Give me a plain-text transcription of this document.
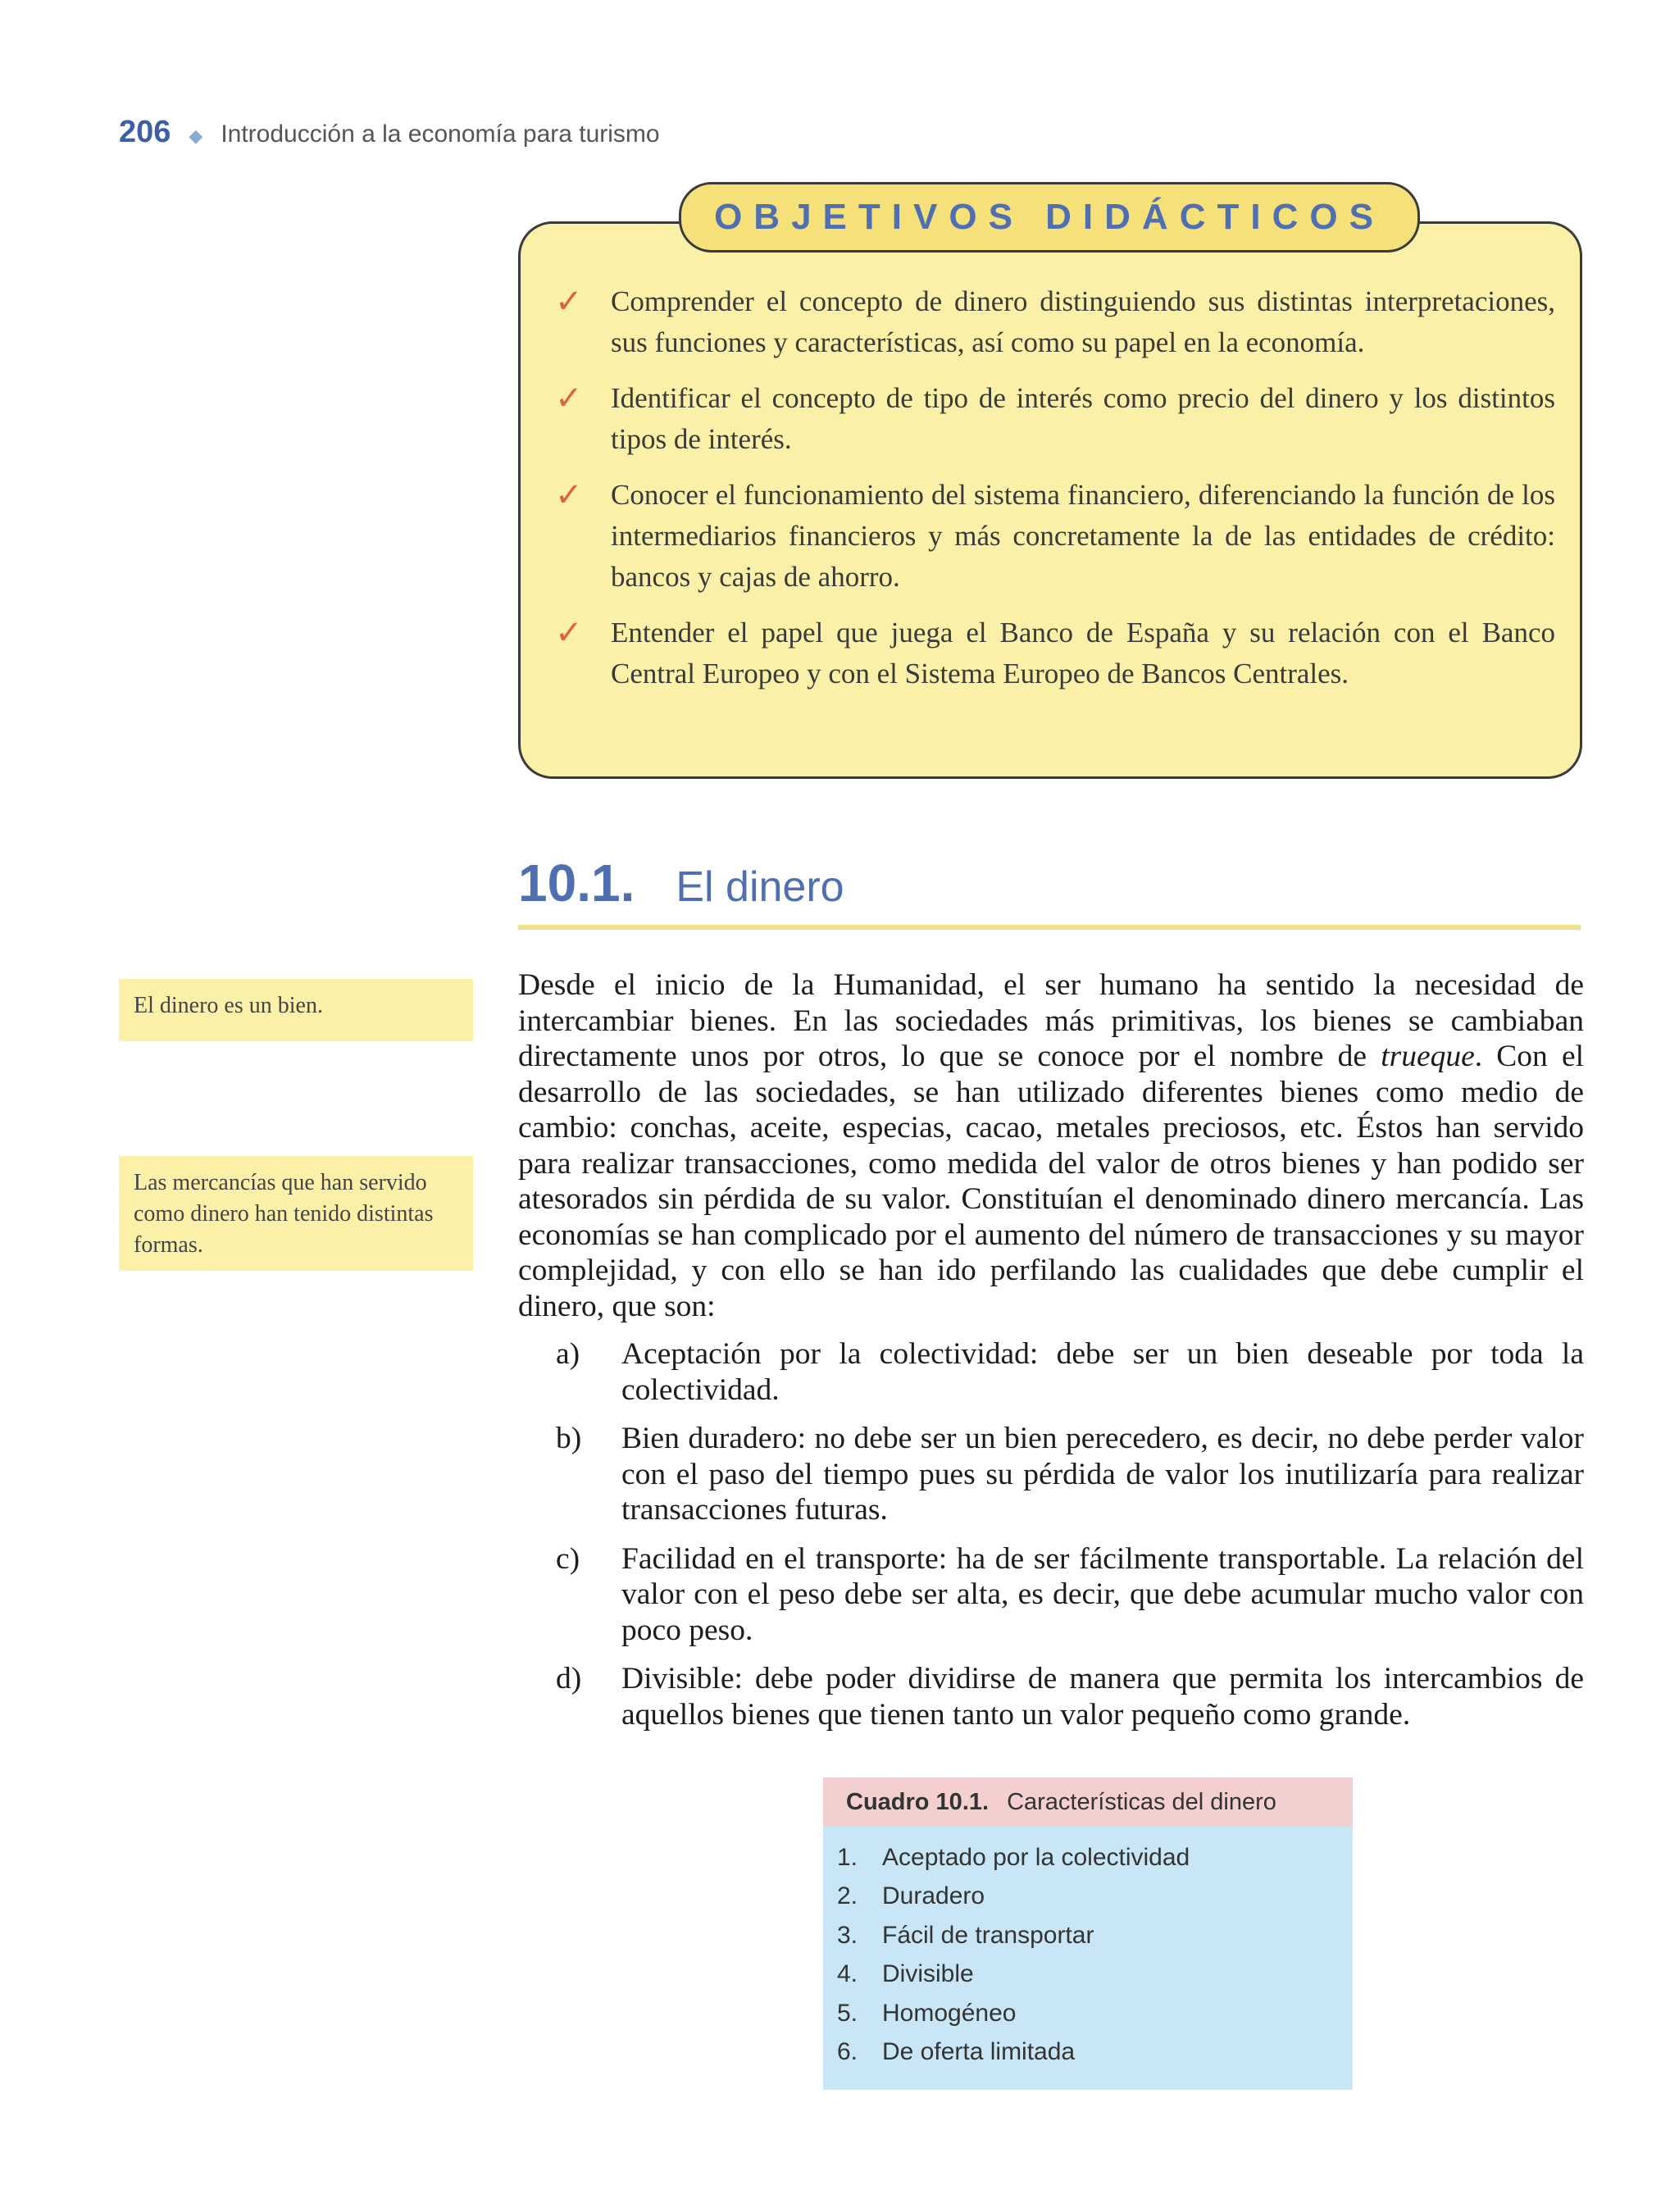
206 ◆ Introducción a la economía para turismo
✓ Comprender el concepto de dinero distinguiendo sus distintas interpretaciones, sus funciones y características, así como su papel en la economía.
✓ Identificar el concepto de tipo de interés como precio del dinero y los distintos tipos de interés.
✓ Conocer el funcionamiento del sistema financiero, diferenciando la función de los intermediarios financieros y más concretamente la de las entidades de crédito: bancos y cajas de ahorro.
✓ Entender el papel que juega el Banco de España y su relación con el Banco Central Europeo y con el Sistema Europeo de Bancos Centrales.
OBJETIVOS DIDÁCTICOS
10.1. El dinero
El dinero es un bien.
Las mercancías que han servido como dinero han tenido distintas formas.

Desde el inicio de la Humanidad, el ser humano ha sentido la necesidad de intercambiar bienes. En las sociedades más primitivas, los bienes se cambiaban directamente unos por otros, lo que se conoce por el nombre de trueque. Con el desarrollo de las sociedades, se han utilizado diferentes bienes como medio de cambio: conchas, aceite, especias, cacao, metales preciosos, etc. Éstos han servido para realizar transacciones, como medida del valor de otros bienes y han podido ser atesorados sin pérdida de su valor. Constituían el denominado dinero mercancía. Las economías se han complicado por el aumento del número de transacciones y su mayor complejidad, y con ello se han ido perfilando las cualidades que debe cumplir el dinero, que son:

a)	Aceptación por la colectividad: debe ser un bien deseable por toda la colectividad.
b)	Bien duradero: no debe ser un bien perecedero, es decir, no debe perder valor con el paso del tiempo pues su pérdida de valor los inutilizaría para realizar transacciones futuras.
c)	Facilidad en el transporte: ha de ser fácilmente transportable. La relación del valor con el peso debe ser alta, es decir, que debe acumular mucho valor con poco peso.
d)	Divisible: debe poder dividirse de manera que permita los intercambios de aquellos bienes que tienen tanto un valor pequeño como grande.
Cuadro 10.1. Características del dinero
1.	Aceptado por la colectividad
2.	Duradero
3.	Fácil de transportar
4.	Divisible
5.	Homogéneo
6.	De oferta limitada
